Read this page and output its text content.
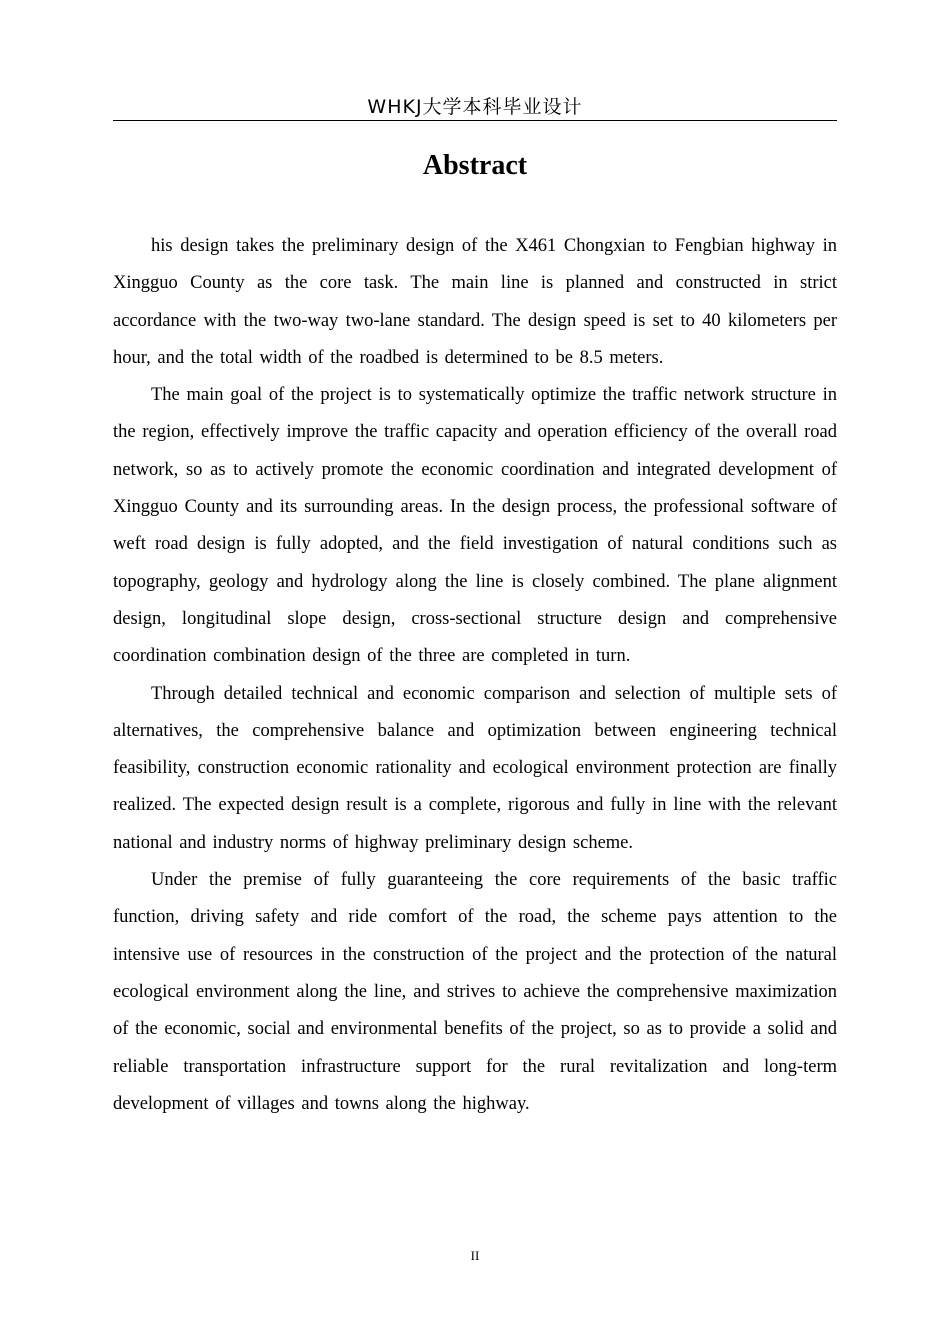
WHKJ大学本科毕业设计
Abstract

his design takes the preliminary design of the X461 Chongxian to Fengbian highway in Xingguo County as the core task. The main line is planned and constructed in strict accordance with the two-way two-lane standard. The design speed is set to 40 kilometers per hour, and the total width of the roadbed is determined to be 8.5 meters.

The main goal of the project is to systematically optimize the traffic network structure in the region, effectively improve the traffic capacity and operation efficiency of the overall road network, so as to actively promote the economic coordination and integrated development of Xingguo County and its surrounding areas. In the design process, the professional software of weft road design is fully adopted, and the field investigation of natural conditions such as topography, geology and hydrology along the line is closely combined. The plane alignment design, longitudinal slope design, cross-sectional structure design and comprehensive coordination combination design of the three are completed in turn.

Through detailed technical and economic comparison and selection of multiple sets of alternatives, the comprehensive balance and optimization between engineering technical feasibility, construction economic rationality and ecological environment protection are finally realized. The expected design result is a complete, rigorous and fully in line with the relevant national and industry norms of highway preliminary design scheme.

Under the premise of fully guaranteeing the core requirements of the basic traffic function, driving safety and ride comfort of the road, the scheme pays attention to the intensive use of resources in the construction of the project and the protection of the natural ecological environment along the line, and strives to achieve the comprehensive maximization of the economic, social and environmental benefits of the project, so as to provide a solid and reliable transportation infrastructure support for the rural revitalization and long-term development of villages and towns along the highway.

II
